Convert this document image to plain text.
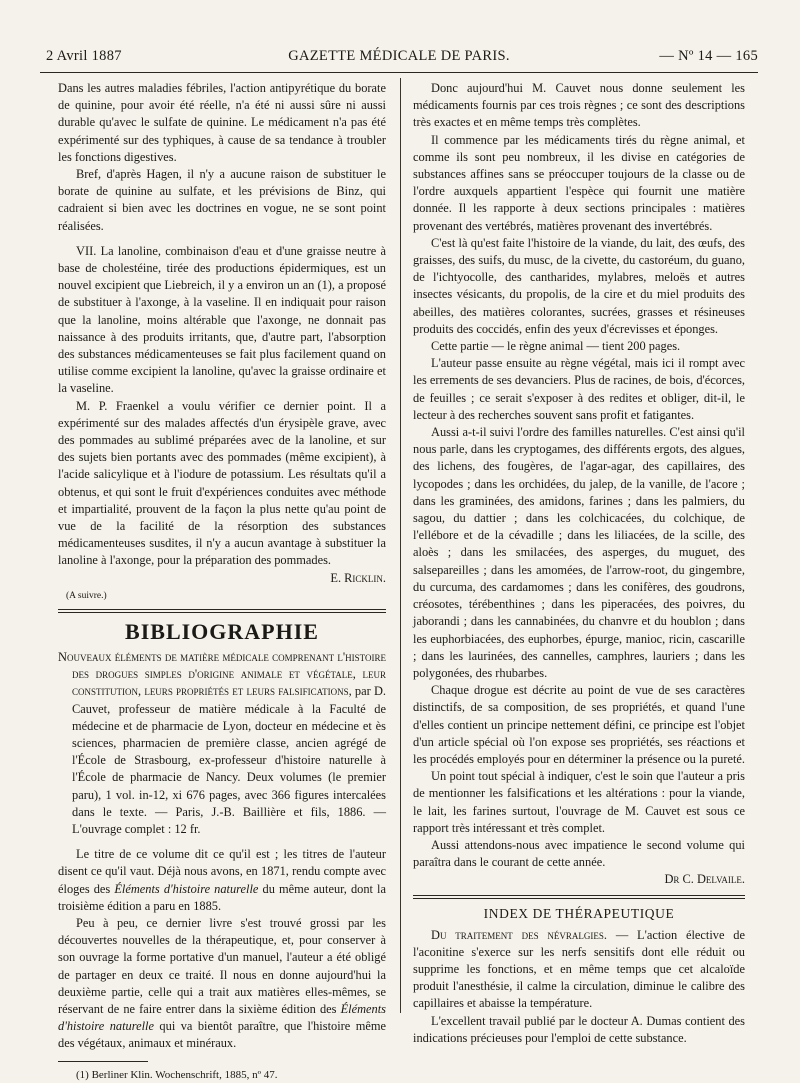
2 Avril 1887	GAZETTE MÉDICALE DE PARIS.	— Nº 14 — 165

Dans les autres maladies fébriles, l'action antipyrétique du borate de quinine, pour avoir été réelle, n'a été ni aussi sûre ni aussi durable qu'avec le sulfate de quinine. Le médicament n'a pas été expérimenté sur des typhiques, à cause de sa tendance à troubler les fonctions digestives.

Bref, d'après Hagen, il n'y a aucune raison de substituer le borate de quinine au sulfate, et les prévisions de Binz, qui cadraient si bien avec les doctrines en vogue, ne se sont point réalisées.

VII. La lanoline, combinaison d'eau et d'une graisse neutre à base de cholestéine, tirée des productions épidermiques, est un nouvel excipient que Liebreich, il y a environ un an (1), a proposé de substituer à l'axonge, à la vaseline. Il en indiquait pour raison que la lanoline, moins altérable que l'axonge, ne donnait pas naissance à des produits irritants, que, d'autre part, l'absorption des substances médicamenteuses se fait plus facilement quand on utilise comme excipient la lanoline, qu'avec la graisse ordinaire et la vaseline.

M. P. Fraenkel a voulu vérifier ce dernier point. Il a expérimenté sur des malades affectés d'un érysipèle grave, avec des pommades au sublimé préparées avec de la lanoline, et sur des sujets bien portants avec des pommades (même excipient), à l'acide salicylique et à l'iodure de potassium. Les résultats qu'il a obtenus, et qui sont le fruit d'expériences conduites avec méthode et impartialité, prouvent de la façon la plus nette qu'au point de vue de la facilité de la résorption des substances médicamenteuses susdites, il n'y a aucun avantage à substituer la lanoline à l'axonge, pour la préparation des pommades.

E. Ricklin.

(A suivre.)

BIBLIOGRAPHIE

Nouveaux éléments de matière médicale comprenant l'histoire des drogues simples d'origine animale et végétale, leur constitution, leurs propriétés et leurs falsifications, par D. Cauvet, professeur de matière médicale à la Faculté de médecine et de pharmacie de Lyon, docteur en médecine et ès sciences, pharmacien de première classe, ancien agrégé de l'École de Strasbourg, ex-professeur d'histoire naturelle à l'École de pharmacie de Nancy. Deux volumes (le premier paru), 1 vol. in-12, xi 676 pages, avec 366 figures intercalées dans le texte. — Paris, J.-B. Baillière et fils, 1886. — L'ouvrage complet : 12 fr.

Le titre de ce volume dit ce qu'il est ; les titres de l'auteur disent ce qu'il vaut. Déjà nous avons, en 1871, rendu compte avec éloges des Éléments d'histoire naturelle du même auteur, dont la troisième édition a paru en 1885.

Peu à peu, ce dernier livre s'est trouvé grossi par les découvertes nouvelles de la thérapeutique, et, pour conserver à son ouvrage la forme portative d'un manuel, l'auteur a été obligé de partager en deux ce traité. Il nous en donne aujourd'hui la deuxième partie, celle qui a trait aux matières elles-mêmes, se réservant de ne faire entrer dans la sixième édition des Éléments d'histoire naturelle qui va bientôt paraître, que l'histoire même des végétaux, animaux et minéraux.

(1) Berliner Klin. Wochenschrift, 1885, nº 47.

Donc aujourd'hui M. Cauvet nous donne seulement les médicaments fournis par ces trois règnes ; ce sont des descriptions très exactes et en même temps très complètes.

Il commence par les médicaments tirés du règne animal, et comme ils sont peu nombreux, il les divise en catégories de substances affines sans se préoccuper toujours de la classe ou de l'ordre auxquels appartient l'espèce qui fournit une matière donnée. Il les rapporte à deux sections principales : matières provenant des vertébrés, matières provenant des invertébrés.

C'est là qu'est faite l'histoire de la viande, du lait, des œufs, des graisses, des suifs, du musc, de la civette, du castoréum, du guano, de l'ichtyocolle, des cantharides, mylabres, meloës et autres insectes vésicants, du propolis, de la cire et du miel produits des abeilles, des matières colorantes, sucrées, grasses et résineuses produits des coccidés, enfin des yeux d'écrevisses et éponges.

Cette partie — le règne animal — tient 200 pages.

L'auteur passe ensuite au règne végétal, mais ici il rompt avec les errements de ses devanciers. Plus de racines, de bois, d'écorces, de feuilles ; ce serait s'exposer à des redites et obliger, dit-il, le lecteur à des recherches souvent sans profit et fatigantes.

Aussi a-t-il suivi l'ordre des familles naturelles. C'est ainsi qu'il nous parle, dans les cryptogames, des différents ergots, des algues, des lichens, des fougères, de l'agar-agar, des capillaires, des lycopodes ; dans les orchidées, du jalep, de la vanille, de l'acore ; dans les graminées, des amidons, farines ; dans les palmiers, du sagou, du dattier ; dans les colchicacées, du colchique, de l'ellébore et de la cévadille ; dans les liliacées, de la scille, des aloès ; dans les smilacées, des asperges, du muguet, des salsepareilles ; dans les amomées, de l'arrow-root, du gingembre, du curcuma, des cardamomes ; dans les conifères, des goudrons, créosotes, térébenthines ; dans les piperacées, des poivres, du jaborandi ; dans les cannabinées, du chanvre et du houblon ; dans les euphorbiacées, des euphorbes, épurge, manioc, ricin, cascarille ; dans les laurinées, des cannelles, camphres, lauriers ; dans les polygonées, des rhubarbes.

Chaque drogue est décrite au point de vue de ses caractères distinctifs, de sa composition, de ses propriétés, et quand l'une d'elles contient un principe nettement défini, ce principe est l'objet d'un article spécial où l'on expose ses propriétés, ses réactions et les procédés employés pour en déterminer la présence ou la pureté.

Un point tout spécial à indiquer, c'est le soin que l'auteur a pris de mentionner les falsifications et les altérations : pour la viande, le lait, les farines surtout, l'ouvrage de M. Cauvet est sous ce rapport très intéressant et très complet.

Aussi attendons-nous avec impatience le second volume qui paraîtra dans le courant de cette année.

Dr C. Delvaile.

INDEX DE THÉRAPEUTIQUE

Du traitement des névralgies. — L'action élective de l'aconitine s'exerce sur les nerfs sensitifs dont elle réduit ou supprime les fonctions, et en même temps que cet alcaloïde produit l'anesthésie, il calme la circulation, diminue le calibre des capillaires et abaisse la température.

L'excellent travail publié par le docteur A. Dumas contient des indications précieuses pour l'emploi de cette substance.
